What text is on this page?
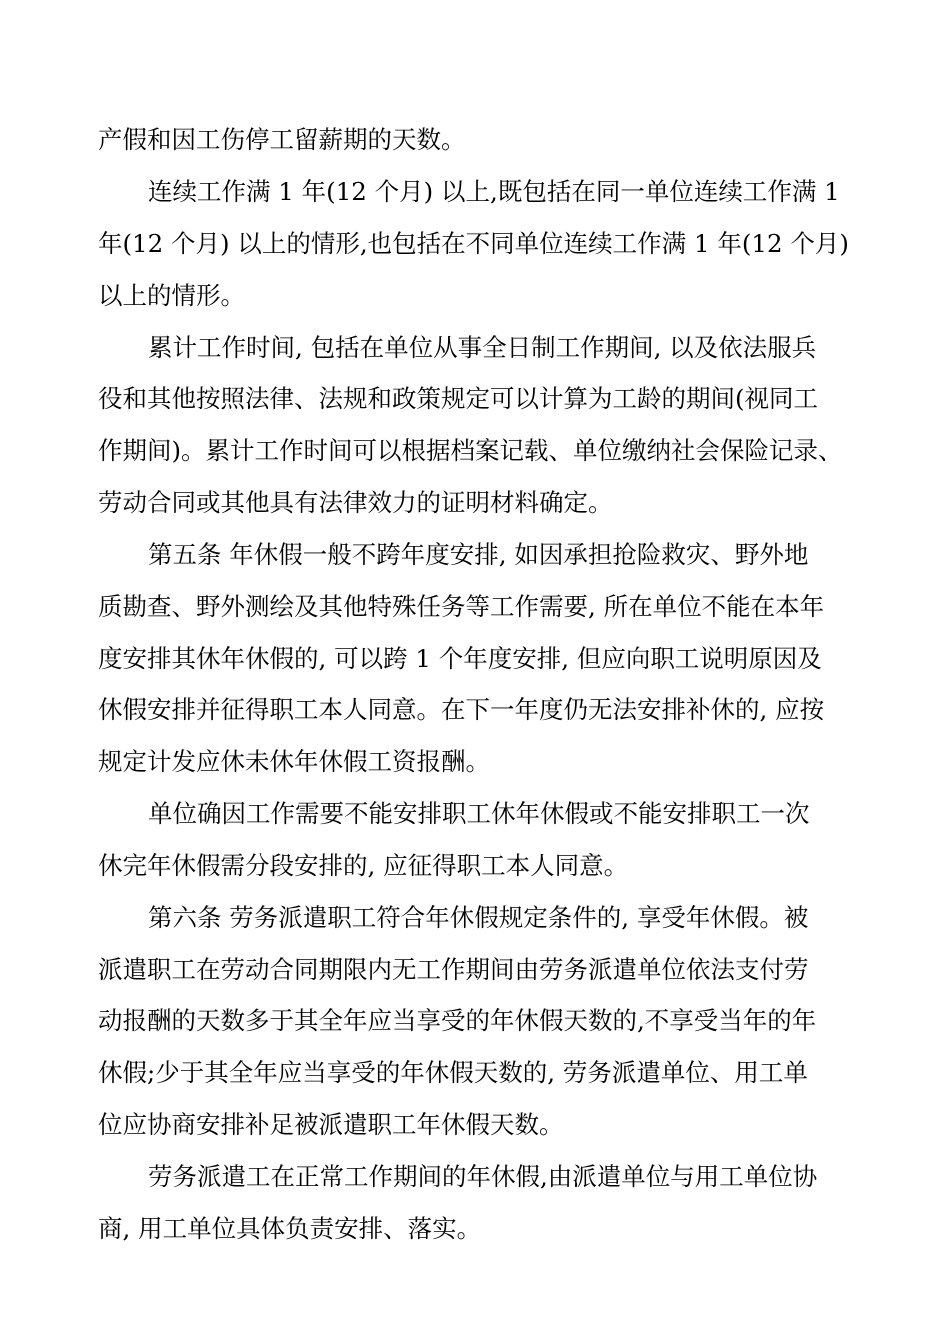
产假和因工伤停工留薪期的天数。
连续工作满 1 年(12 个月) 以上,既包括在同一单位连续工作满 1
年(12 个月) 以上的情形,也包括在不同单位连续工作满 1 年(12 个月)
以上的情形。
累计工作时间, 包括在单位从事全日制工作期间, 以及依法服兵
役和其他按照法律、法规和政策规定可以计算为工龄的期间(视同工
作期间)。累计工作时间可以根据档案记载、单位缴纳社会保险记录、
劳动合同或其他具有法律效力的证明材料确定。
第五条 年休假一般不跨年度安排, 如因承担抢险救灾、野外地
质勘查、野外测绘及其他特殊任务等工作需要, 所在单位不能在本年
度安排其休年休假的, 可以跨 1 个年度安排, 但应向职工说明原因及
休假安排并征得职工本人同意。在下一年度仍无法安排补休的, 应按
规定计发应休未休年休假工资报酬。
单位确因工作需要不能安排职工休年休假或不能安排职工一次
休完年休假需分段安排的, 应征得职工本人同意。
第六条 劳务派遣职工符合年休假规定条件的, 享受年休假。被
派遣职工在劳动合同期限内无工作期间由劳务派遣单位依法支付劳
动报酬的天数多于其全年应当享受的年休假天数的,不享受当年的年
休假;少于其全年应当享受的年休假天数的, 劳务派遣单位、用工单
位应协商安排补足被派遣职工年休假天数。
劳务派遣工在正常工作期间的年休假,由派遣单位与用工单位协
商, 用工单位具体负责安排、落实。
